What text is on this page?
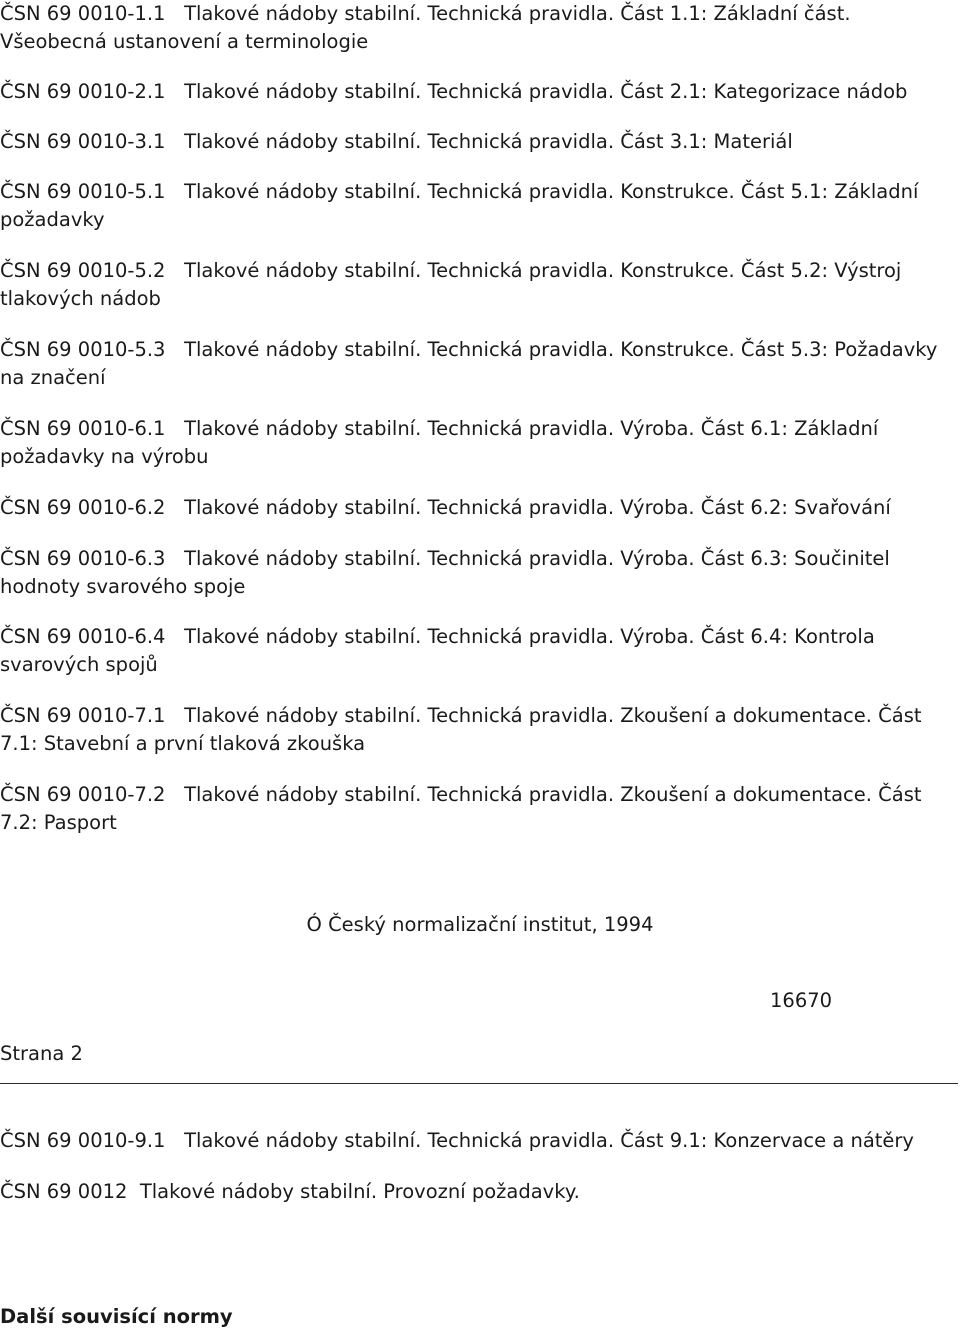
ČSN 69 0010-1.1 Tlakové nádoby stabilní. Technická pravidla. Část 1.1: Základní část. Všeobecná ustanovení a terminologie
ČSN 69 0010-2.1 Tlakové nádoby stabilní. Technická pravidla. Část 2.1: Kategorizace nádob
ČSN 69 0010-3.1 Tlakové nádoby stabilní. Technická pravidla. Část 3.1: Materiál
ČSN 69 0010-5.1 Tlakové nádoby stabilní. Technická pravidla. Konstrukce. Část 5.1: Základní požadavky
ČSN 69 0010-5.2 Tlakové nádoby stabilní. Technická pravidla. Konstrukce. Část 5.2: Výstroj tlakových nádob
ČSN 69 0010-5.3 Tlakové nádoby stabilní. Technická pravidla. Konstrukce. Část 5.3: Požadavky na značení
ČSN 69 0010-6.1 Tlakové nádoby stabilní. Technická pravidla. Výroba. Část 6.1: Základní požadavky na výrobu
ČSN 69 0010-6.2 Tlakové nádoby stabilní. Technická pravidla. Výroba. Část 6.2: Svařování
ČSN 69 0010-6.3 Tlakové nádoby stabilní. Technická pravidla. Výroba. Část 6.3: Součinitel hodnoty svarového spoje
ČSN 69 0010-6.4 Tlakové nádoby stabilní. Technická pravidla. Výroba. Část 6.4: Kontrola svarových spojů
ČSN 69 0010-7.1 Tlakové nádoby stabilní. Technická pravidla. Zkoušení a dokumentace. Část 7.1: Stavební a první tlaková zkouška
ČSN 69 0010-7.2 Tlakové nádoby stabilní. Technická pravidla. Zkoušení a dokumentace. Část 7.2: Pasport
Ó Český normalizační institut, 1994
16670
Strana 2
ČSN 69 0010-9.1 Tlakové nádoby stabilní. Technická pravidla. Část 9.1: Konzervace a nátěry
ČSN 69 0012 Tlakové nádoby stabilní. Provozní požadavky.
Další souvisící normy
